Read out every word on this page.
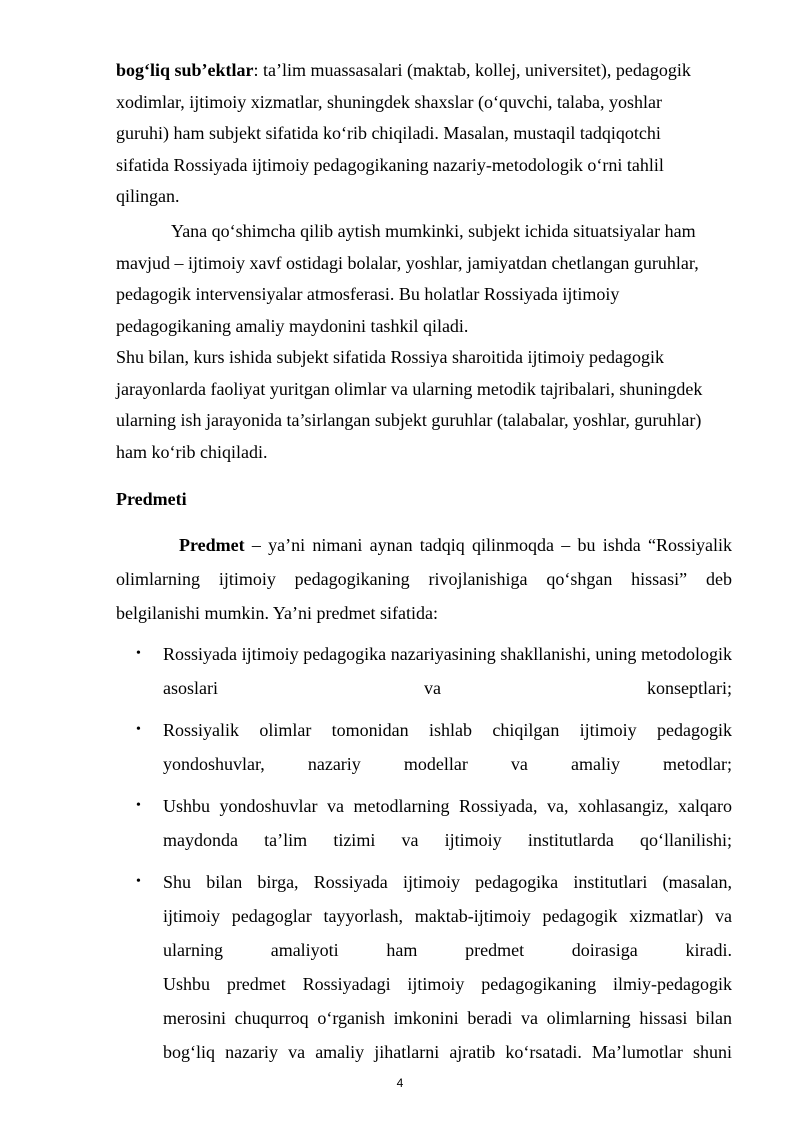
bog‘liq sub’ektlar: ta’lim muassasalari (maktab, kollej, universitet), pedagogik
xodimlar, ijtimoiy xizmatlar, shuningdek shaxslar (o‘quvchi, talaba, yoshlar
guruhi) ham subjekt sifatida ko‘rib chiqiladi. Masalan, mustaqil tadqiqotchi
sifatida Rossiyada ijtimoiy pedagogikaning nazariy-metodologik o‘rni tahlil
qilingan.
Yana qo‘shimcha qilib aytish mumkinki, subjekt ichida situatsiyalar ham
mavjud – ijtimoiy xavf ostidagi bolalar, yoshlar, jamiyatdan chetlangan guruhlar,
pedagogik intervensiyalar atmosferasi. Bu holatlar Rossiyada ijtimoiy
pedagogikaning amaliy maydonini tashkil qiladi.
Shu bilan, kurs ishida subjekt sifatida Rossiya sharoitida ijtimoiy pedagogik
jarayonlarda faoliyat yuritgan olimlar va ularning metodik tajribalari, shuningdek
ularning ish jarayonida ta’sirlangan subjekt guruhlar (talabalar, yoshlar, guruhlar)
ham ko‘rib chiqiladi.
Predmeti
Predmet – ya’ni nimani aynan tadqiq qilinmoqda – bu ishda “Rossiyalik olimlarning ijtimoiy pedagogikaning rivojlanishiga qo‘shgan hissasi” deb belgilanishi mumkin. Ya’ni predmet sifatida:
• Rossiyada ijtimoiy pedagogika nazariyasining shakllanishi, uning metodologik asoslari va konseptlari;
• Rossiyalik olimlar tomonidan ishlab chiqilgan ijtimoiy pedagogik yondoshuvlar, nazariy modellar va amaliy metodlar;
• Ushbu yondoshuvlar va metodlarning Rossiyada, va, xohlasangiz, xalqaro maydonda ta’lim tizimi va ijtimoiy institutlarda qo‘llanilishi;
• Shu bilan birga, Rossiyada ijtimoiy pedagogika institutlari (masalan,
ijtimoiy pedagoglar tayyorlash, maktab-ijtimoiy pedagogik xizmatlar) va
ularning amaliyoti ham predmet doirasiga kiradi.
Ushbu predmet Rossiyadagi ijtimoiy pedagogikaning ilmiy-pedagogik
merosini chuqurroq o‘rganish imkonini beradi va olimlarning hissasi bilan
bog‘liq nazariy va amaliy jihatlarni ajratib ko‘rsatadi. Ma’lumotlar shuni
4
